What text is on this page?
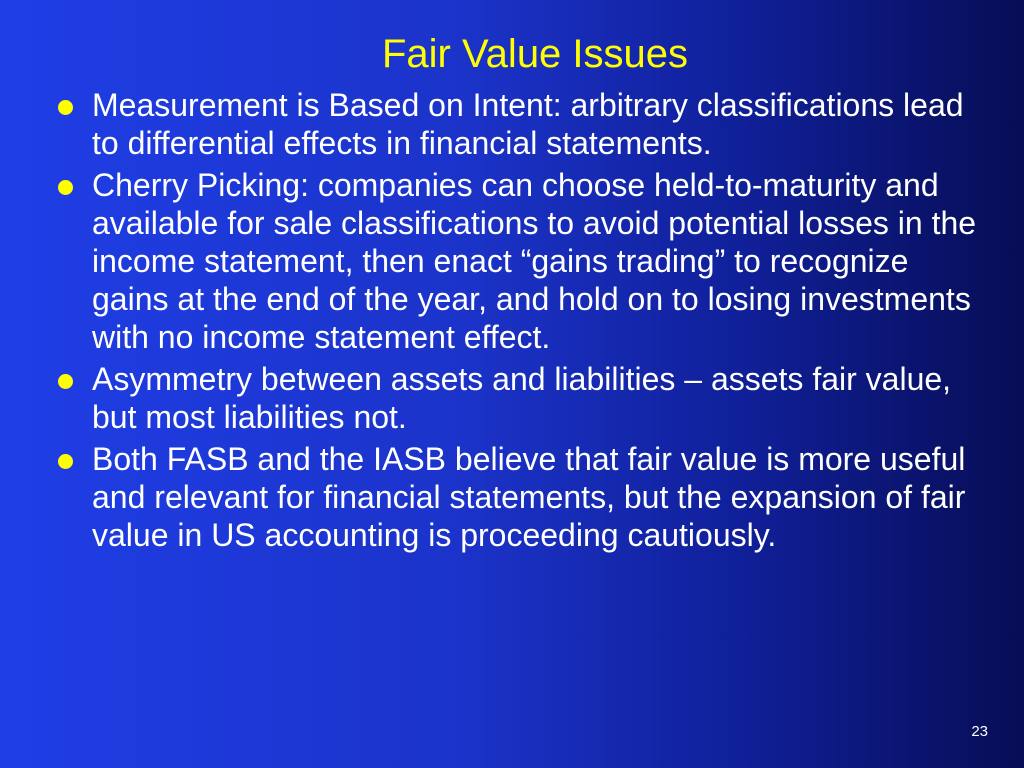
Fair Value Issues
Measurement is Based on Intent: arbitrary classifications lead to differential effects in financial statements.
Cherry Picking: companies can choose held-to-maturity and available for sale classifications to avoid potential losses in the income statement, then enact “gains trading” to recognize gains at the end of the year, and hold on to losing investments with no income statement effect.
Asymmetry between assets and liabilities – assets fair value, but most liabilities not.
Both FASB and the IASB believe that fair value is more useful and relevant for financial statements, but the expansion of fair value in US accounting is proceeding cautiously.
23
